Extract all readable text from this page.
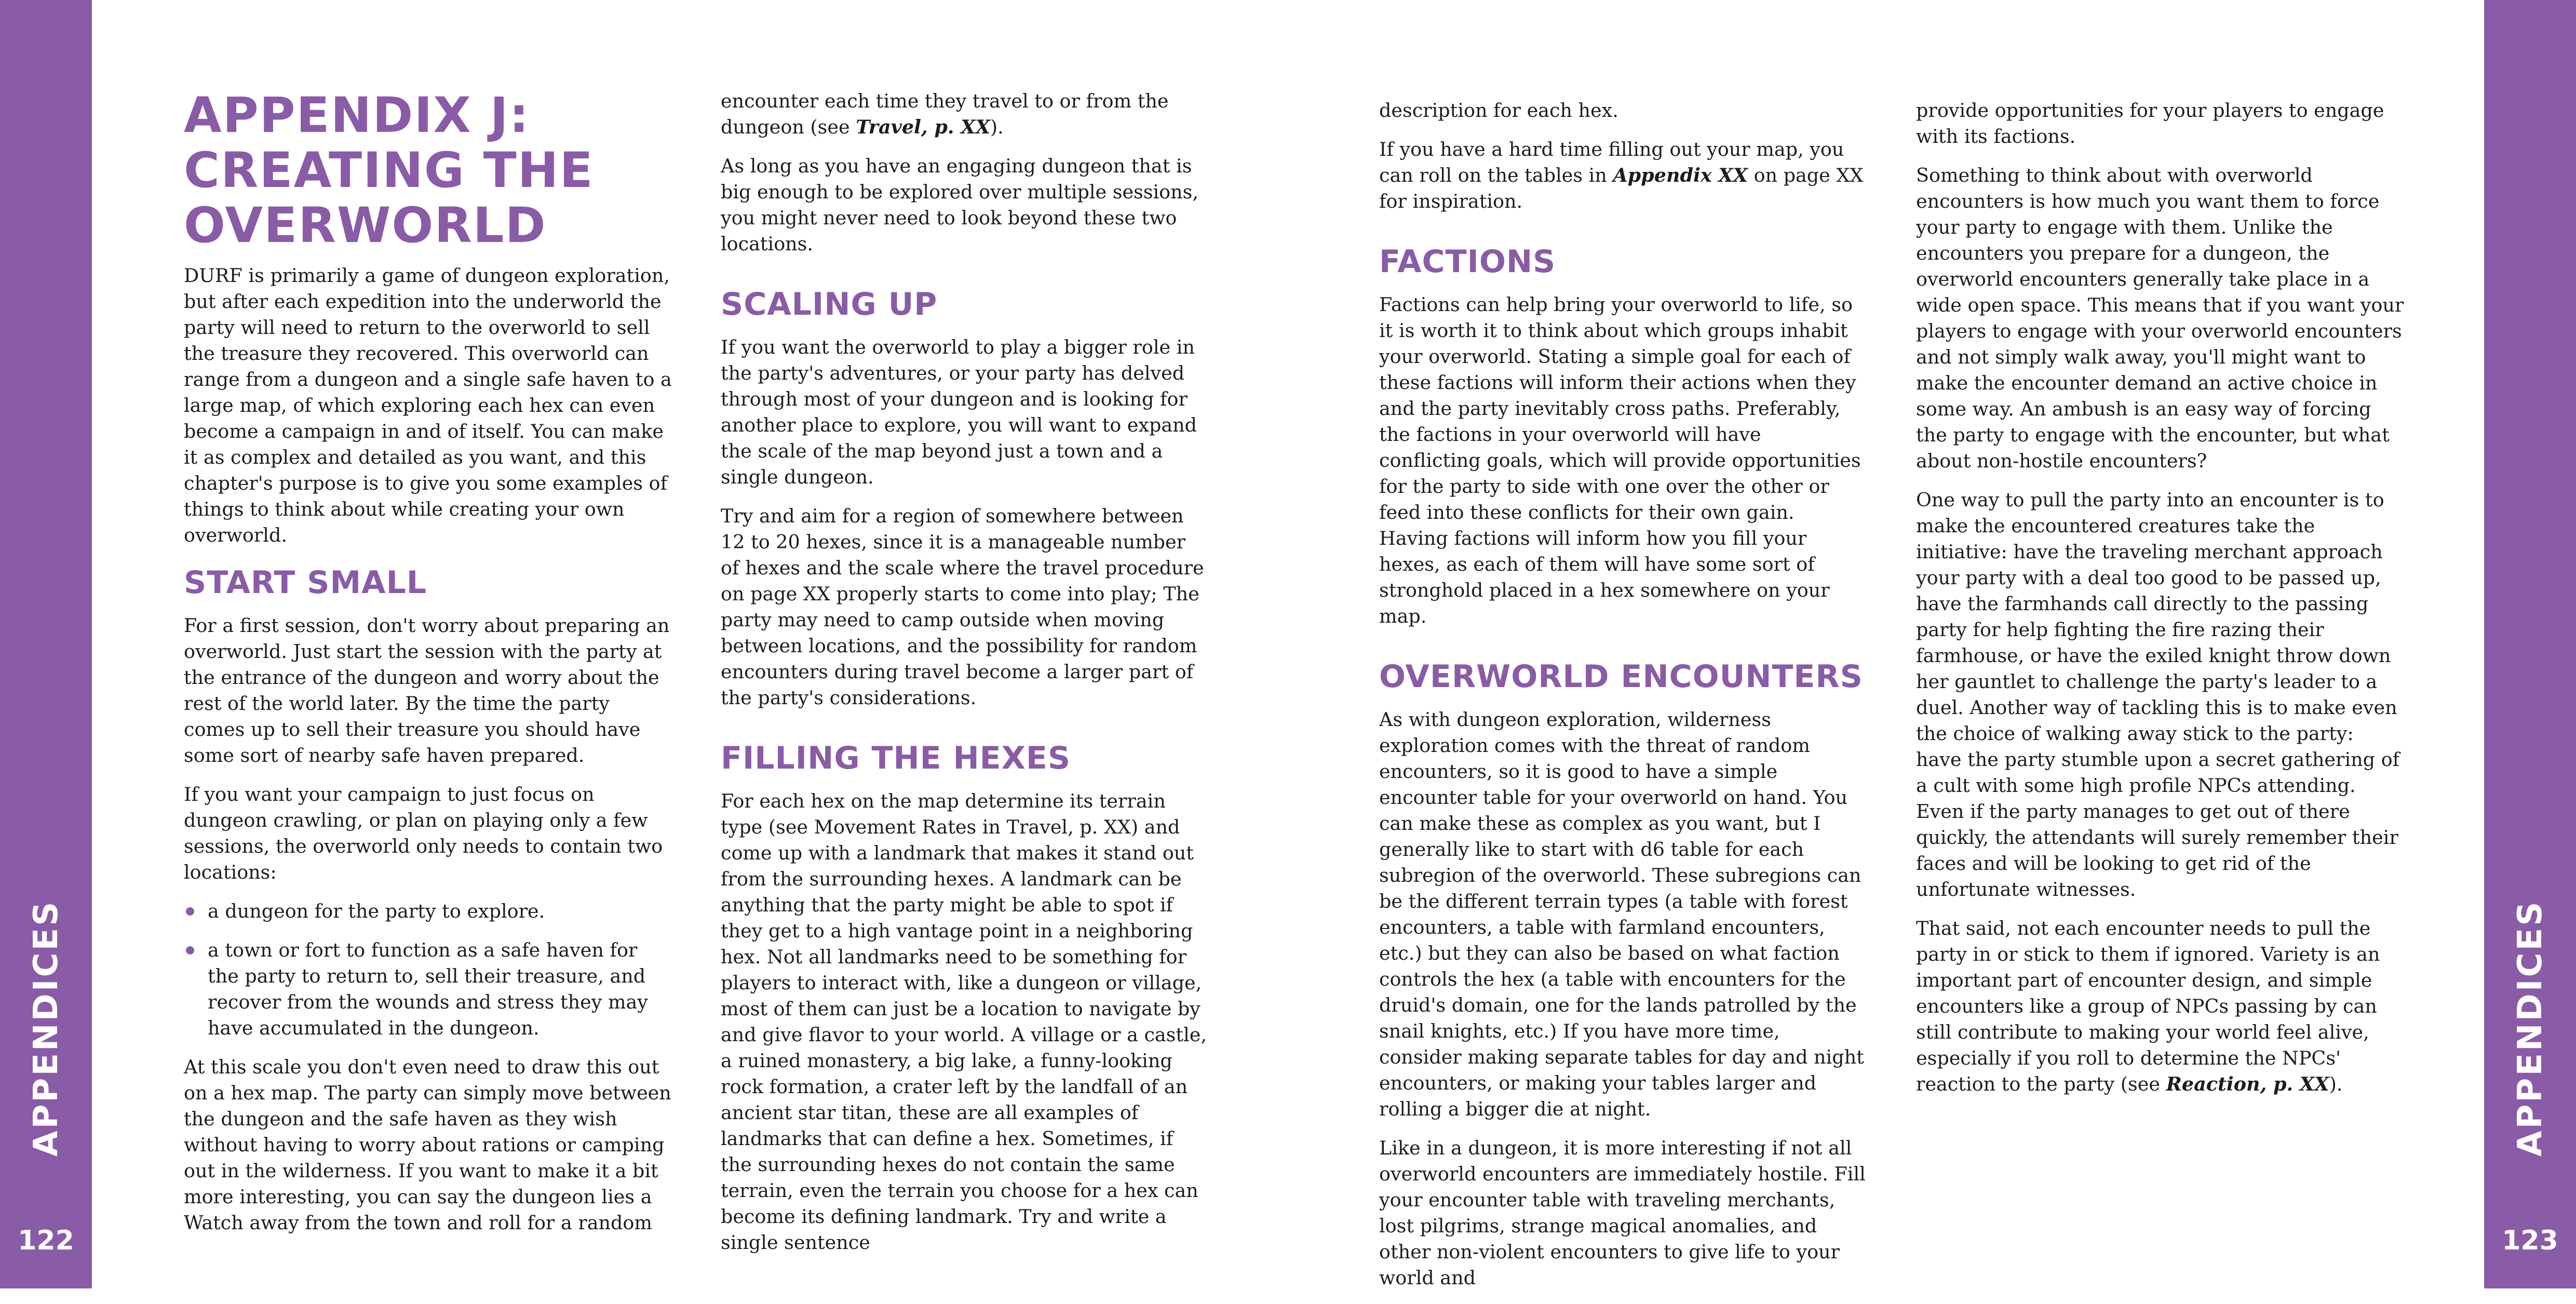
APPENDICES
122
APPENDICES
123
APPENDIX J: CREATING THE OVERWORLD

DURF is primarily a game of dungeon exploration, but after each expedition into the underworld the party will need to return to the overworld to sell the treasure they recovered. This overworld can range from a dungeon and a single safe haven to a large map, of which exploring each hex can even become a campaign in and of itself. You can make it as complex and detailed as you want, and this chapter's purpose is to give you some examples of things to think about while creating your own overworld.

START SMALL

For a first session, don't worry about preparing an overworld. Just start the session with the party at the entrance of the dungeon and worry about the rest of the world later. By the time the party comes up to sell their treasure you should have some sort of nearby safe haven prepared.

If you want your campaign to just focus on dungeon crawling, or plan on playing only a few sessions, the overworld only needs to contain two locations:

a dungeon for the party to explore.
a town or fort to function as a safe haven for the party to return to, sell their treasure, and recover from the wounds and stress they may have accumulated in the dungeon.

At this scale you don't even need to draw this out on a hex map. The party can simply move between the dungeon and the safe haven as they wish without having to worry about rations or camping out in the wilderness. If you want to make it a bit more interesting, you can say the dungeon lies a Watch away from the town and roll for a random

encounter each time they travel to or from the dungeon (see Travel, p. XX).

As long as you have an engaging dungeon that is big enough to be explored over multiple sessions, you might never need to look beyond these two locations.

SCALING UP

If you want the overworld to play a bigger role in the party's adventures, or your party has delved through most of your dungeon and is looking for another place to explore, you will want to expand the scale of the map beyond just a town and a single dungeon.

Try and aim for a region of somewhere between 12 to 20 hexes, since it is a manageable number of hexes and the scale where the travel procedure on page XX properly starts to come into play; The party may need to camp outside when moving between locations, and the possibility for random encounters during travel become a larger part of the party's considerations.

FILLING THE HEXES

For each hex on the map determine its terrain type (see Movement Rates in Travel, p. XX) and come up with a landmark that makes it stand out from the surrounding hexes. A landmark can be anything that the party might be able to spot if they get to a high vantage point in a neighboring hex. Not all landmarks need to be something for players to interact with, like a dungeon or village, most of them can just be a location to navigate by and give flavor to your world. A village or a castle, a ruined monastery, a big lake, a funny-looking rock formation, a crater left by the landfall of an ancient star titan, these are all examples of landmarks that can define a hex. Sometimes, if the surrounding hexes do not contain the same terrain, even the terrain you choose for a hex can become its defining landmark. Try and write a single sentence

description for each hex.

If you have a hard time filling out your map, you can roll on the tables in Appendix XX on page XX for inspiration.

FACTIONS

Factions can help bring your overworld to life, so it is worth it to think about which groups inhabit your overworld. Stating a simple goal for each of these factions will inform their actions when they and the party inevitably cross paths. Preferably, the factions in your overworld will have conflicting goals, which will provide opportunities for the party to side with one over the other or feed into these conflicts for their own gain. Having factions will inform how you fill your hexes, as each of them will have some sort of stronghold placed in a hex somewhere on your map.

OVERWORLD ENCOUNTERS

As with dungeon exploration, wilderness exploration comes with the threat of random encounters, so it is good to have a simple encounter table for your overworld on hand. You can make these as complex as you want, but I generally like to start with d6 table for each subregion of the overworld. These subregions can be the different terrain types (a table with forest encounters, a table with farmland encounters, etc.) but they can also be based on what faction controls the hex (a table with encounters for the druid's domain, one for the lands patrolled by the snail knights, etc.) If you have more time, consider making separate tables for day and night encounters, or making your tables larger and rolling a bigger die at night.

Like in a dungeon, it is more interesting if not all overworld encounters are immediately hostile. Fill your encounter table with traveling merchants, lost pilgrims, strange magical anomalies, and other non-violent encounters to give life to your world and

provide opportunities for your players to engage with its factions.

Something to think about with overworld encounters is how much you want them to force your party to engage with them. Unlike the encounters you prepare for a dungeon, the overworld encounters generally take place in a wide open space. This means that if you want your players to engage with your overworld encounters and not simply walk away, you'll might want to make the encounter demand an active choice in some way. An ambush is an easy way of forcing the party to engage with the encounter, but what about non-hostile encounters?

One way to pull the party into an encounter is to make the encountered creatures take the initiative: have the traveling merchant approach your party with a deal too good to be passed up, have the farmhands call directly to the passing party for help fighting the fire razing their farmhouse, or have the exiled knight throw down her gauntlet to challenge the party's leader to a duel. Another way of tackling this is to make even the choice of walking away stick to the party: have the party stumble upon a secret gathering of a cult with some high profile NPCs attending. Even if the party manages to get out of there quickly, the attendants will surely remember their faces and will be looking to get rid of the unfortunate witnesses.

That said, not each encounter needs to pull the party in or stick to them if ignored. Variety is an important part of encounter design, and simple encounters like a group of NPCs passing by can still contribute to making your world feel alive, especially if you roll to determine the NPCs' reaction to the party (see Reaction, p. XX).
